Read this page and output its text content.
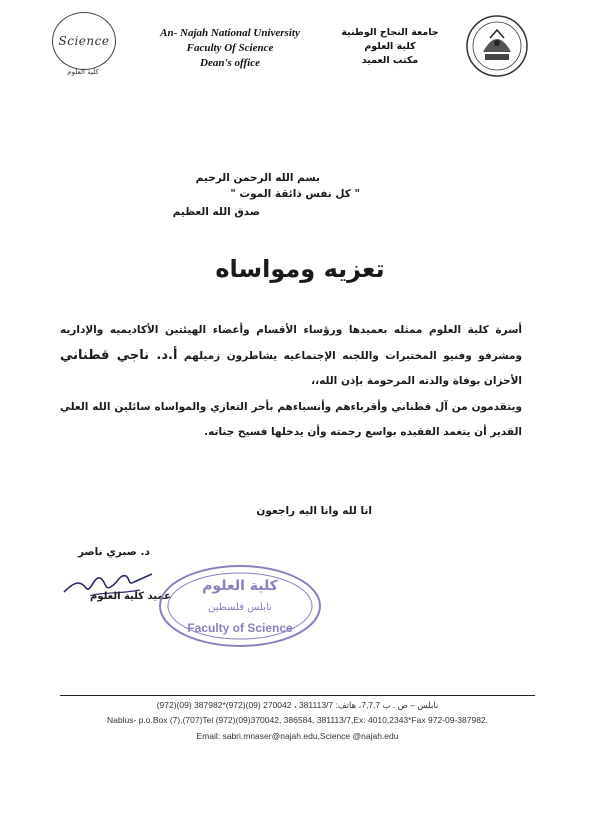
Science
كلية العلوم
An- Najah National University
Faculty Of Science
Dean's office
جامعة النجاح الوطنية
كلية العلوم
مكتب العميد
بسم الله الرحمن الرحيم
" كل نفس ذائقة الموت "
صدق الله العظيم
تعزيه ومواساه
أسرة كلية العلوم ممثله بعميدها ورؤساء الأقسام وأعضاء الهيئتين الأكاديميه والإداريه ومشرفو وفنيو المختبرات واللجنه الإجتماعيه يشاطرون زميلهم أ.د. ناجي قطناني الأحزان بوفاة والدته المرحومة بإذن الله،،
ويتقدمون من آل قطناني وأقرباءهم وأنسباءهم بأحر التعازي والمواساه سائلين الله العلي القدير أن يتغمد الفقيده بواسع رحمته وأن يدخلها فسيح جناته.
انا لله وانا اليه راجعون
د. صبري ناصر
عميد كلية العلوم
كلية العلوم
نابلس فلسطين
Faculty of Science
نابلس – ص . ب 7,7,7، هاتف: 381113/7 ، 270042 (09)(972)*387982 (09)(972)
Nablus- p.o.Box (7),(707)Tel (972)(09)370042, 386584, 381113/7,Ex: 4010,2343*Fax 972-09-387982.
Email: sabri.mnaser@najah.edu,Science @najah.edu
